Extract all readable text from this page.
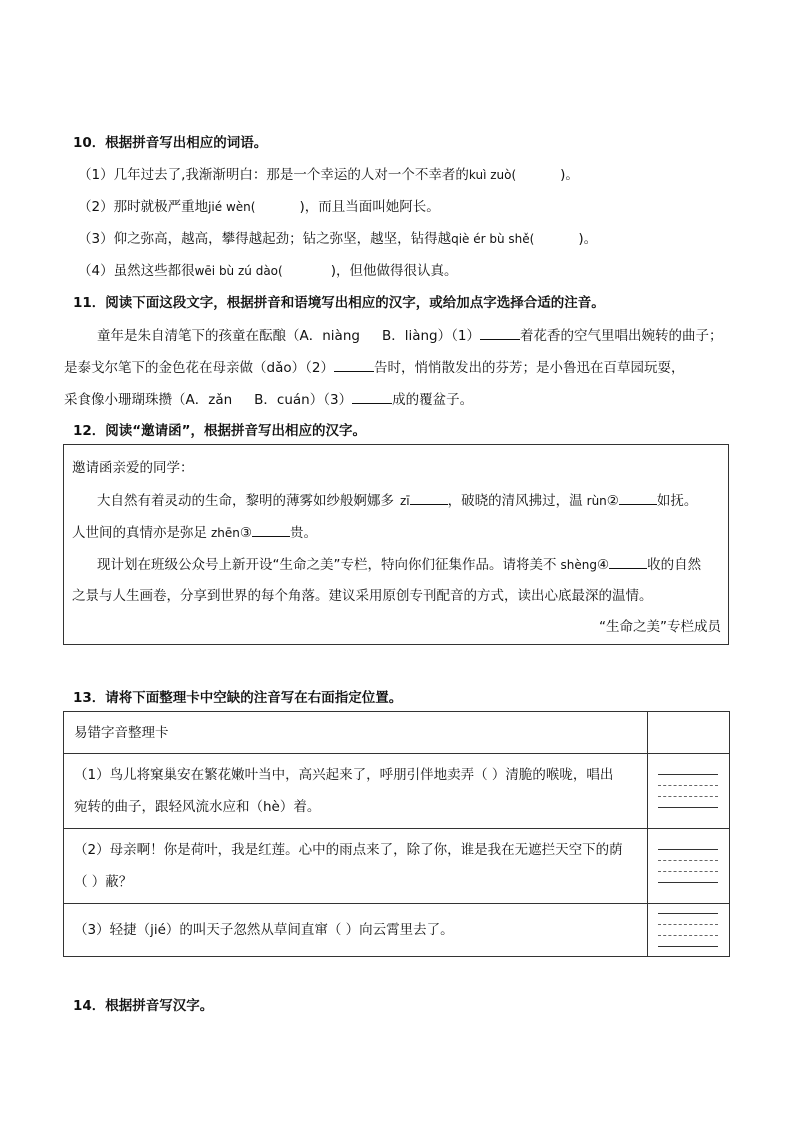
10．根据拼音写出相应的词语。
（1）几年过去了,我渐渐明白：那是一个幸运的人对一个不幸者的kuì zuò(	)。
（2）那时就极严重地jié wèn(	)，而且当面叫她阿长。
（3）仰之弥高，越高，攀得越起劲；钻之弥坚，越坚，钻得越qiè ér bù shě(	)。
（4）虽然这些都很wēi bù zú dào(	)，但他做得很认真。
11．阅读下面这段文字，根据拼音和语境写出相应的汉字，或给加点字选择合适的注音。
童年是朱自清笔下的孩童在酝酿（A．niàng B．liàng）（1）	着花香的空气里唱出婉转的曲子；
是泰戈尔笔下的金色花在母亲做（dǎo）（2）	告时，悄悄散发出的芬芳；是小鲁迅在百草园玩耍，
采食像小珊瑚珠攒（A．zǎn B．cuán）（3）	成的覆盆子。
12．阅读“邀请函”，根据拼音写出相应的汉字。
邀请函亲爱的同学：
大自然有着灵动的生命，黎明的薄雾如纱般婀娜多 zī	，破晓的清风拂过，温 rùn②	如抚。
人世间的真情亦是弥足 zhēn③	贵。
现计划在班级公众号上新开设“生命之美”专栏，特向你们征集作品。请将美不 shèng④	收的自然
之景与人生画卷，分享到世界的每个角落。建议采用原创专刊配音的方式，读出心底最深的温情。
“生命之美”专栏成员
13．请将下面整理卡中空缺的注音写在右面指定位置。
易错字音整理卡	

（1）鸟儿将窠巢安在繁花嫩叶当中，高兴起来了，呼朋引伴地卖弄（ ）清脆的喉咙，唱出
宛转的曲子，跟轻风流水应和（hè）着。	

（2）母亲啊！你是荷叶，我是红莲。心中的雨点来了，除了你，谁是我在无遮拦天空下的荫
（ ）蔽？	

（3）轻捷（jié）的叫天子忽然从草间直窜（ ）向云霄里去了。	

14．根据拼音写汉字。
